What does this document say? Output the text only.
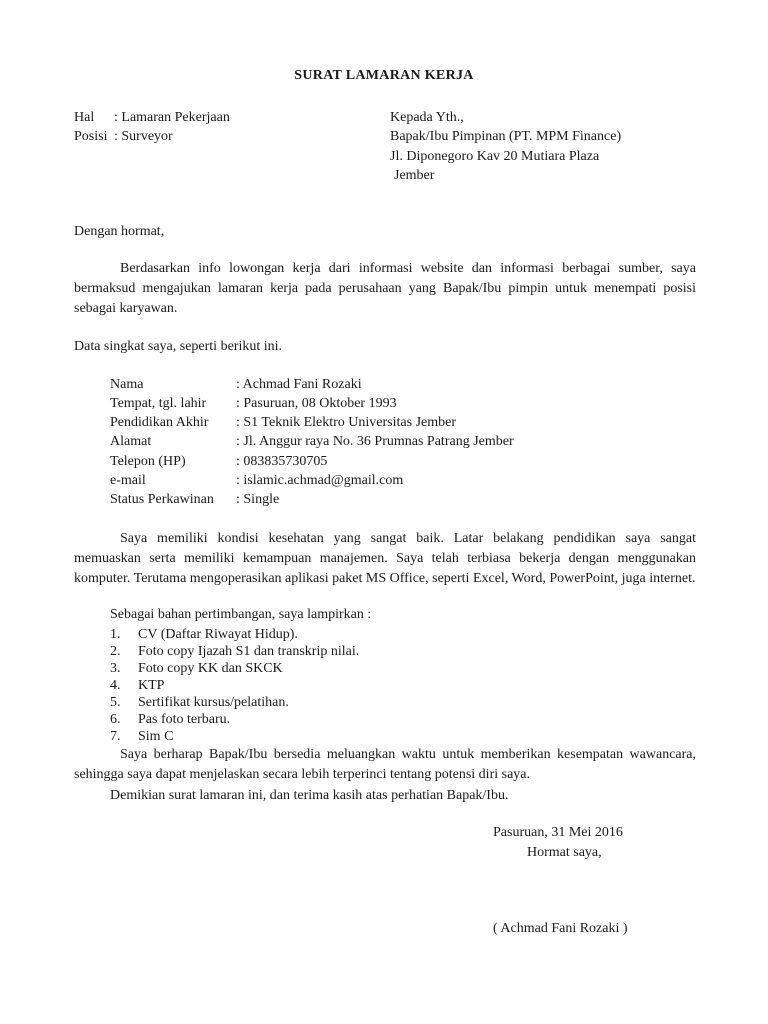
SURAT LAMARAN KERJA
Hal : Lamaran Pekerjaan
Posisi : Surveyor
Kepada Yth.,
Bapak/Ibu Pimpinan (PT. MPM Finance)
Jl. Diponegoro Kav 20 Mutiara Plaza
Jember
Dengan hormat,

Berdasarkan info lowongan kerja dari informasi website dan informasi berbagai sumber, saya bermaksud mengajukan lamaran kerja pada perusahaan yang Bapak/Ibu pimpin untuk menempati posisi sebagai karyawan.

Data singkat saya, seperti berikut ini.
Nama	: Achmad Fani Rozaki
Tempat, tgl. lahir : Pasuruan, 08 Oktober 1993
Pendidikan Akhir : S1 Teknik Elektro Universitas Jember
Alamat	: Jl. Anggur raya No. 36 Prumnas Patrang Jember
Telepon (HP)	: 083835730705
e-mail	: islamic.achmad@gmail.com
Status Perkawinan : Single

Saya memiliki kondisi kesehatan yang sangat baik. Latar belakang pendidikan saya sangat memuaskan serta memiliki kemampuan manajemen. Saya telah terbiasa bekerja dengan menggunakan komputer. Terutama mengoperasikan aplikasi paket MS Office, seperti Excel, Word, PowerPoint, juga internet.

Sebagai bahan pertimbangan, saya lampirkan :
1. CV (Daftar Riwayat Hidup).
2. Foto copy Ijazah S1 dan transkrip nilai.
3. Foto copy KK dan SKCK
4. KTP
5. Sertifikat kursus/pelatihan.
6. Pas foto terbaru.
7. Sim C

Saya berharap Bapak/Ibu bersedia meluangkan waktu untuk memberikan kesempatan wawancara, sehingga saya dapat menjelaskan secara lebih terperinci tentang potensi diri saya.

Demikian surat lamaran ini, dan terima kasih atas perhatian Bapak/Ibu.
Pasuruan, 31 Mei 2016
Hormat saya,
( Achmad Fani Rozaki )
